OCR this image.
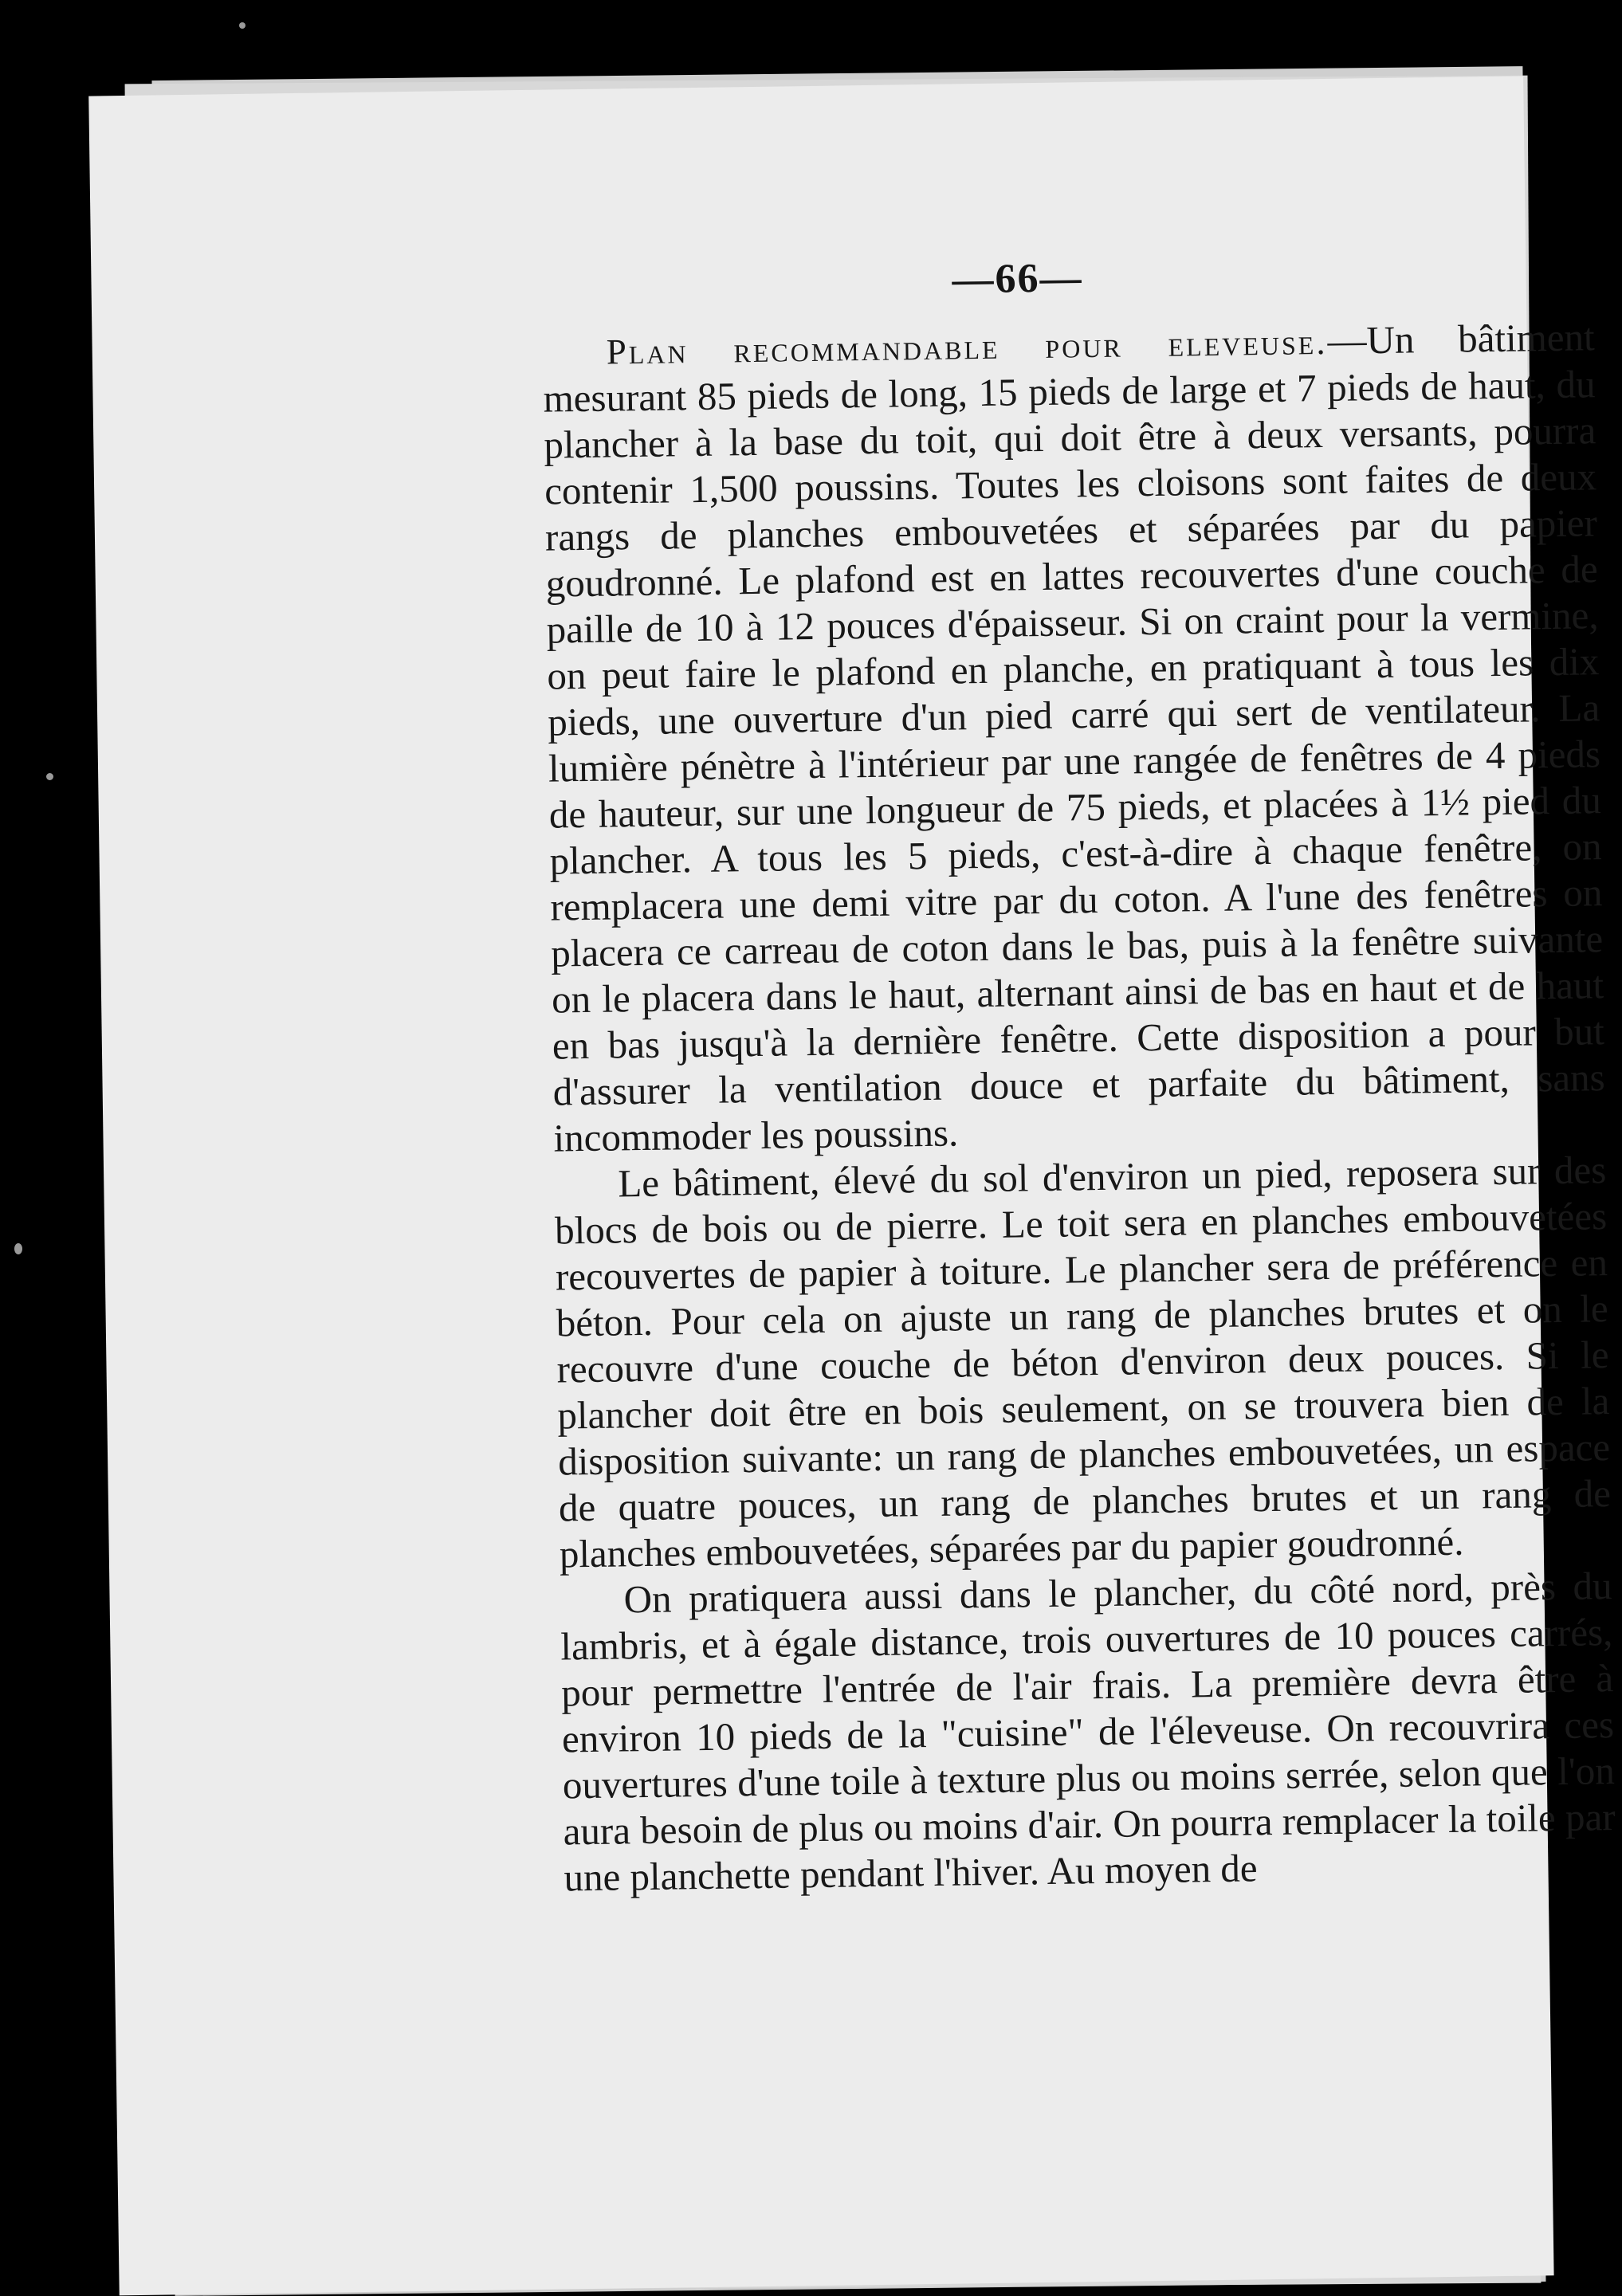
—66—

Plan recommandable pour eleveuse.—Un bâtiment mesurant 85 pieds de long, 15 pieds de large et 7 pieds de haut, du plancher à la base du toit, qui doit être à deux versants, pourra contenir 1,500 poussins. Toutes les cloisons sont faites de deux rangs de planches embouvetées et séparées par du papier goudronné. Le plafond est en lattes recouvertes d'une couche de paille de 10 à 12 pouces d'épaisseur. Si on craint pour la vermine, on peut faire le plafond en planche, en pratiquant à tous les dix pieds, une ouverture d'un pied carré qui sert de ventilateur. La lumière pénètre à l'intérieur par une rangée de fenêtres de 4 pieds de hauteur, sur une longueur de 75 pieds, et placées à 1½ pied du plancher. A tous les 5 pieds, c'est-à-dire à chaque fenêtre, on remplacera une demi vitre par du coton. A l'une des fenêtres on placera ce carreau de coton dans le bas, puis à la fenêtre suivante on le placera dans le haut, alternant ainsi de bas en haut et de haut en bas jusqu'à la dernière fenêtre. Cette disposition a pour but d'assurer la ventilation douce et parfaite du bâtiment, sans incommoder les poussins.

Le bâtiment, élevé du sol d'environ un pied, reposera sur des blocs de bois ou de pierre. Le toit sera en planches embouvetées recouvertes de papier à toiture. Le plancher sera de préférence en béton. Pour cela on ajuste un rang de planches brutes et on le recouvre d'une couche de béton d'environ deux pouces. Si le plancher doit être en bois seulement, on se trouvera bien de la disposition suivante: un rang de planches embouvetées, un espace de quatre pouces, un rang de planches brutes et un rang de planches embouvetées, séparées par du papier goudronné.

On pratiquera aussi dans le plancher, du côté nord, près du lambris, et à égale distance, trois ouvertures de 10 pouces carrés, pour permettre l'entrée de l'air frais. La première devra être à environ 10 pieds de la "cuisine" de l'éleveuse. On recouvrira ces ouvertures d'une toile à texture plus ou moins serrée, selon que l'on aura besoin de plus ou moins d'air. On pourra remplacer la toile par une planchette pendant l'hiver. Au moyen de
